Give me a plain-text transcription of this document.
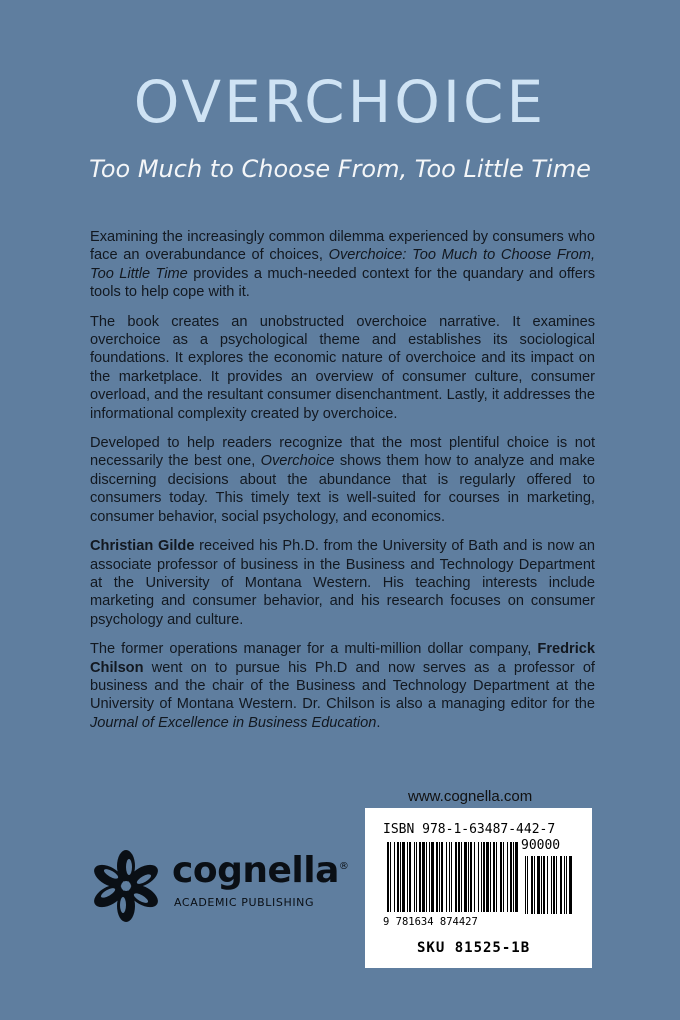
OVERCHOICE
Too Much to Choose From, Too Little Time

Examining the increasingly common dilemma experienced by consumers who face an overabundance of choices, Overchoice: Too Much to Choose From, Too Little Time provides a much-needed context for the quandary and offers tools to help cope with it.

The book creates an unobstructed overchoice narrative. It examines overchoice as a psychological theme and establishes its sociological foundations. It explores the economic nature of overchoice and its impact on the marketplace. It provides an overview of consumer culture, consumer overload, and the resultant consumer disenchantment. Lastly, it addresses the informational complexity created by overchoice.

Developed to help readers recognize that the most plentiful choice is not necessarily the best one, Overchoice shows them how to analyze and make discerning decisions about the abundance that is regularly offered to consumers today. This timely text is well-suited for courses in marketing, consumer behavior, social psychology, and economics.

Christian Gilde received his Ph.D. from the University of Bath and is now an associate professor of business in the Business and Technology Department at the University of Montana Western. His teaching interests include marketing and consumer behavior, and his research focuses on consumer psychology and culture.

The former operations manager for a multi-million dollar company, Fredrick Chilson went on to pursue his Ph.D and now serves as a professor of business and the chair of the Business and Technology Department at the University of Montana Western. Dr. Chilson is also a managing editor for the Journal of Excellence in Business Education.

www.cognella.com
ISBN 978-1-63487-442-7
90000
9 781634 874427
SKU 81525-1B
cognella®
ACADEMIC PUBLISHING
